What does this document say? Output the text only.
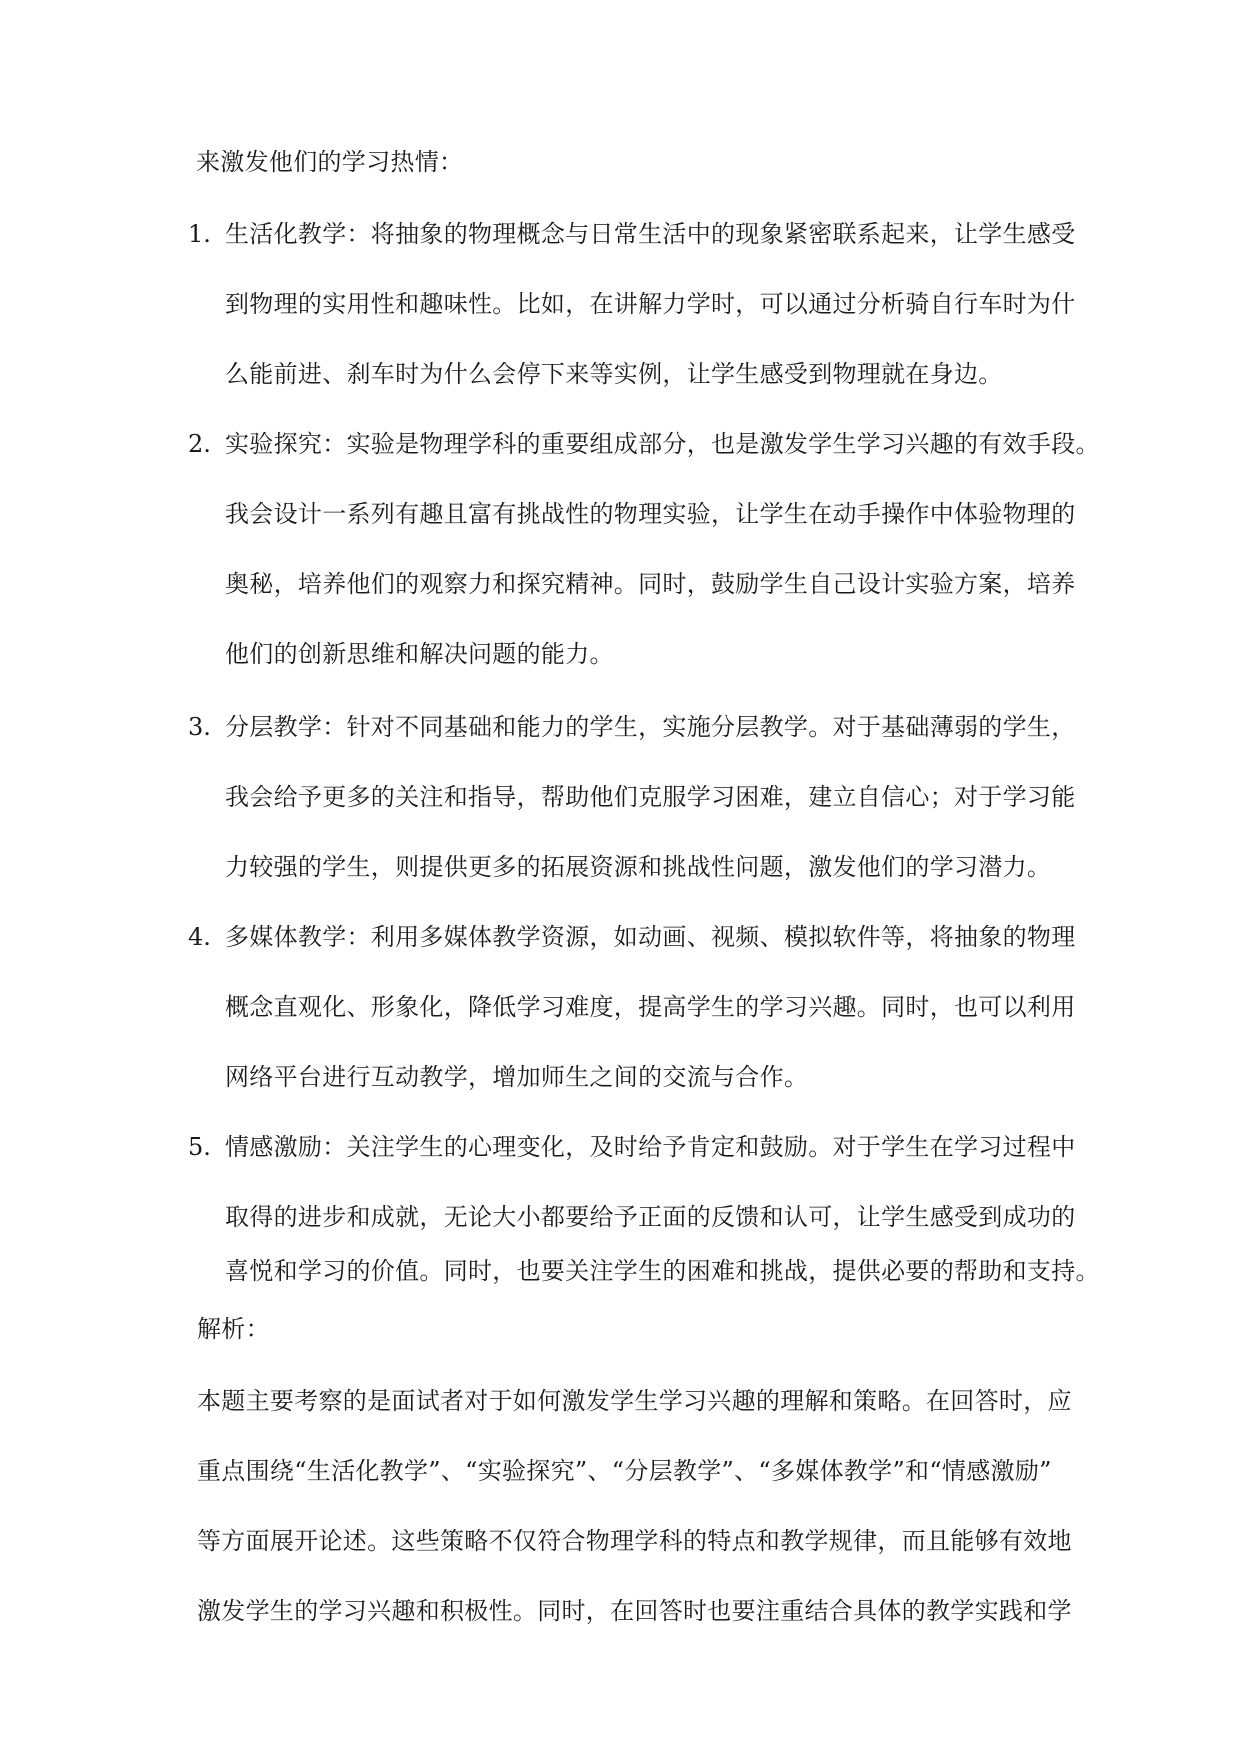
来激发他们的学习热情：
1. 生活化教学：将抽象的物理概念与日常生活中的现象紧密联系起来，让学生感受
到物理的实用性和趣味性。比如，在讲解力学时，可以通过分析骑自行车时为什
么能前进、刹车时为什么会停下来等实例，让学生感受到物理就在身边。
2. 实验探究：实验是物理学科的重要组成部分，也是激发学生学习兴趣的有效手段。
我会设计一系列有趣且富有挑战性的物理实验，让学生在动手操作中体验物理的
奥秘，培养他们的观察力和探究精神。同时，鼓励学生自己设计实验方案，培养
他们的创新思维和解决问题的能力。
3. 分层教学：针对不同基础和能力的学生，实施分层教学。对于基础薄弱的学生，
我会给予更多的关注和指导，帮助他们克服学习困难，建立自信心；对于学习能
力较强的学生，则提供更多的拓展资源和挑战性问题，激发他们的学习潜力。
4. 多媒体教学：利用多媒体教学资源，如动画、视频、模拟软件等，将抽象的物理
概念直观化、形象化，降低学习难度，提高学生的学习兴趣。同时，也可以利用
网络平台进行互动教学，增加师生之间的交流与合作。
5. 情感激励：关注学生的心理变化，及时给予肯定和鼓励。对于学生在学习过程中
取得的进步和成就，无论大小都要给予正面的反馈和认可，让学生感受到成功的
喜悦和学习的价值。同时，也要关注学生的困难和挑战，提供必要的帮助和支持。
解析：
本题主要考察的是面试者对于如何激发学生学习兴趣的理解和策略。在回答时，应
重点围绕“生活化教学”、“实验探究”、“分层教学”、“多媒体教学”和“情感激励”
等方面展开论述。这些策略不仅符合物理学科的特点和教学规律，而且能够有效地
激发学生的学习兴趣和积极性。同时，在回答时也要注重结合具体的教学实践和学
